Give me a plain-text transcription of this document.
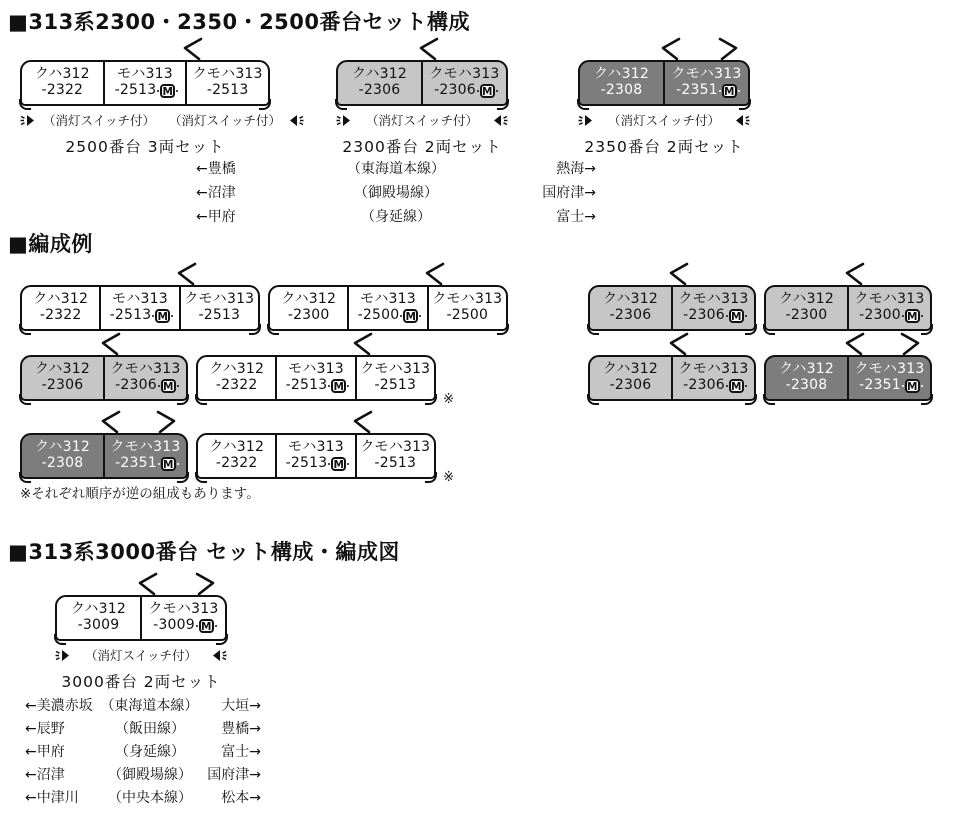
■313系2300・2350・2500番台セット構成
クハ312
-2322
モハ313
-2513 M
クモハ313
-2513
（消灯スイッチ付） （消灯スイッチ付）
2500番台 3両セット
クハ312
-2306
クモハ313
-2306 M
（消灯スイッチ付）
2300番台 2両セット
クハ312
-2308
クモハ313
-2351 M
（消灯スイッチ付）
2350番台 2両セット
←豊橋	（東海道本線）	熱海→
←沼津	（御殿場線）	国府津→
←甲府	（身延線）	富士→
■編成例
クハ312
-2322
モハ313
-2513 M
クモハ313
-2513
クハ312
-2300
モハ313
-2500 M
クモハ313
-2500
クハ312
-2306
クモハ313
-2306 M
クハ312
-2300
クモハ313
-2300 M
クハ312
-2306
クモハ313
-2306 M
クハ312
-2322
モハ313
-2513 M
クモハ313
-2513
※
クハ312
-2306
クモハ313
-2306 M
クハ312
-2308
クモハ313
-2351 M
クハ312
-2308
クモハ313
-2351 M
クハ312
-2322
モハ313
-2513 M
クモハ313
-2513
※
※それぞれ順序が逆の組成もあります。
■313系3000番台 セット構成・編成図
クハ312
-3009
クモハ313
-3009 M
（消灯スイッチ付）
3000番台 2両セット
←美濃赤坂 （東海道本線）	大垣→
←辰野	（飯田線）	豊橋→
←甲府	（身延線）	富士→
←沼津	（御殿場線）	国府津→
←中津川	（中央本線）	松本→
